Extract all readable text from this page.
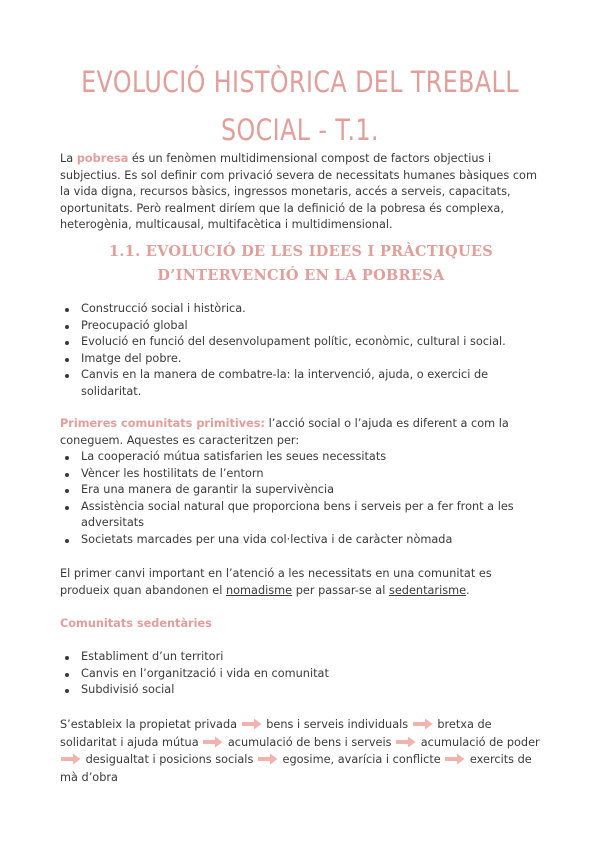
EVOLUCIÓ HISTÒRICA DEL TREBALL
SOCIAL - T.1.

La pobresa és un fenòmen multidimensional compost de factors objectius i subjectius. Es sol definir com privació severa de necessitats humanes bàsiques com la vida digna, recursos bàsics, ingressos monetaris, accés a serveis, capacitats, oportunitats. Però realment diríem que la definició de la pobresa és complexa, heterogènia, multicausal, multifacètica i multidimensional.

1.1. EVOLUCIÓ DE LES IDEES I PRÀCTIQUES
D’INTERVENCIÓ EN LA POBRESA
Construcció social i històrica.
Preocupació global
Evolució en funció del desenvolupament polític, econòmic, cultural i social.
Imatge del pobre.
Canvis en la manera de combatre-la: la intervenció, ajuda, o exercici de solidaritat.

Primeres comunitats primitives: l’acció social o l’ajuda es diferent a com la coneguem. Aquestes es caracteritzen per:

La cooperació mútua satisfarien les seues necessitats
Vèncer les hostilitats de l’entorn
Era una manera de garantir la supervivència
Assistència social natural que proporciona bens i serveis per a fer front a les adversitats
Societats marcades per una vida col·lectiva i de caràcter nòmada

El primer canvi important en l’atenció a les necessitats en una comunitat es produeix quan abandonen el nomadisme per passar-se al sedentarisme.

Comunitats sedentàries

Establiment d’un territori
Canvis en l’organització i vida en comunitat
Subdivisió social

S’estableix la propietat privada  bens i serveis individuals  bretxa de solidaritat i ajuda mútua  acumulació de bens i serveis  acumulació de poder  desigualtat i posicions socials  egosime, avarícia i conflicte  exercits de mà d’obra
